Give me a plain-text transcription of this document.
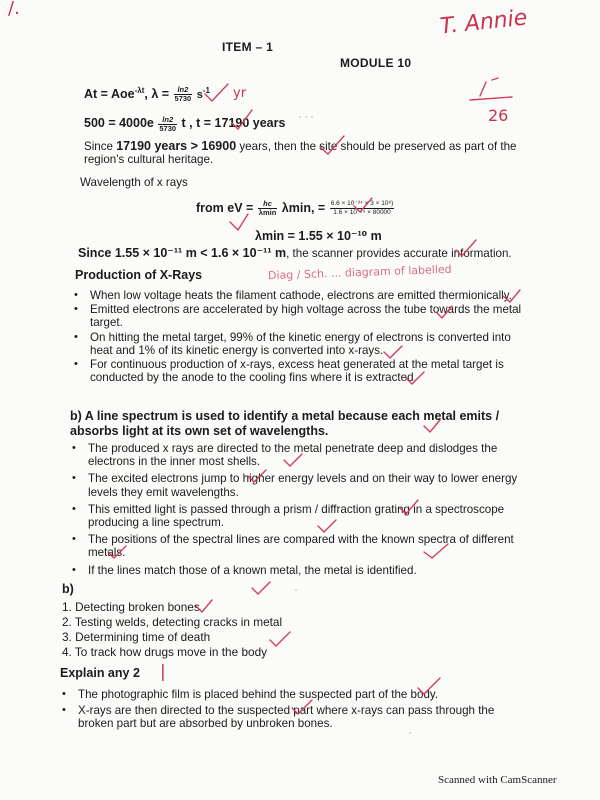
/.
ITEM – 1
MODULE 10
T. Annie
26
At = Aoe$^{-\lambda t}$, $\lambda = \frac{\ln 2}{5730} s^{-1}$ yr
$500 = 4000e \frac{\ln 2}{5730}$ t , t = 17190 years
Since 17190 years > 16900 years, then the site should be preserved as part of the
region's cultural heritage.
Wavelength of x rays
from eV = $\frac{hc}{\lambda\min} \lambda\min$, = $\frac{\text{6.6 × 10⁻³⁴ × 3 × 10⁸)}}{\text{1.6 × 10⁻¹⁹ × 80000}}$
λmin = 1.55 × 10⁻¹⁰ m
Since 1.55 × 10⁻¹¹ m < 1.6 × 10⁻¹¹ m, the scanner provides accurate information.
Production of X-Rays	Diag / Sch. ... diagram of labelled
• When low voltage heats the filament cathode, electrons are emitted thermionically.
• Emitted electrons are accelerated by high voltage across the tube towards the metal target.
• On hitting the metal target, 99% of the kinetic energy of electrons is converted into heat and 1% of its kinetic energy is converted into x-rays.
• For continuous production of x-rays, excess heat generated at the metal target is conducted by the anode to the cooling fins where it is extracted.
b) A line spectrum is used to identify a metal because each metal emits / absorbs light at its own set of wavelengths.
• The produced x rays are directed to the metal penetrate deep and dislodges the electrons in the inner most shells.
• The excited electrons jump to higher energy levels and on their way to lower energy levels they emit wavelengths.
• This emitted light is passed through a prism / diffraction grating in a spectroscope producing a line spectrum.
• The positions of the spectral lines are compared with the known spectra of different metals.
• If the lines match those of a known metal, the metal is identified.
b)
1. Detecting broken bones
2. Testing welds, detecting cracks in metal
3. Determining time of death
4. To track how drugs move in the body
Explain any 2 |
• The photographic film is placed behind the suspected part of the body.
• X-rays are then directed to the suspected part where x-rays can pass through the broken part but are absorbed by unbroken bones.
Scanned with CamScanner
